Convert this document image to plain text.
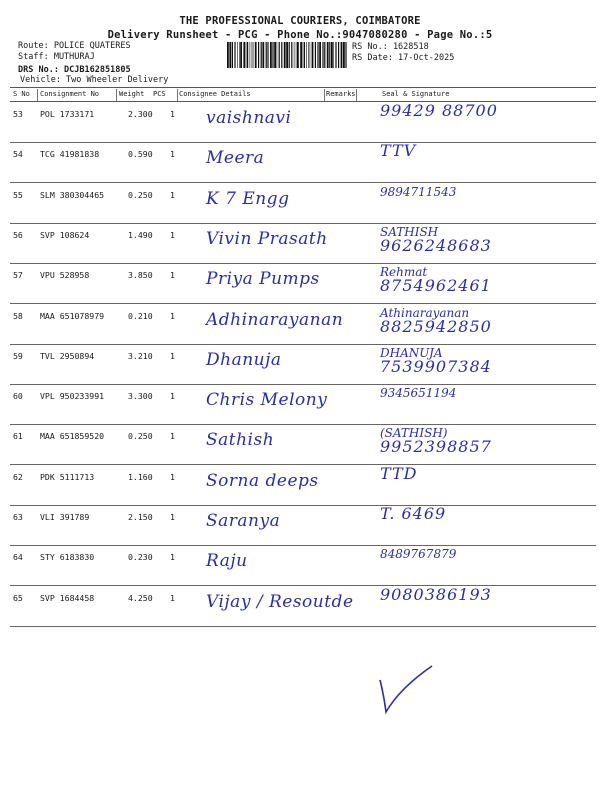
THE PROFESSIONAL COURIERS, COIMBATORE
Delivery Runsheet - PCG - Phone No.:9047080280 - Page No.:5
Route: POLICE QUATERES
Staff: MUTHURAJ
DRS No.: DCJB162851805
Vehicle: Two Wheeler Delivery
RS No.: 1628518
RS Date: 17-Oct-2025
S No Consignment No	Weight PCS Consignee Details	Remarks	Seal & Signature
53 POL 1733171	2.300 1 vaishnavi	99429 88700
54 TCG 41981838	0.590 1 Meera	TTV
55 SLM 380304465	0.250 1 K 7 Engg	9894711543
56 SVP 108624	1.490 1 Vivin Prasath	SATHISH
9626248683
57 VPU 528958	3.850 1 Priya Pumps	Rehmat
8754962461
58 MAA 651078979	0.210 1 Adhinarayanan	Athinarayanan
8825942850
59 TVL 2950894	3.210 1 Dhanuja	DHANUJA
7539907384
60 VPL 950233991	3.300 1 Chris Melony	9345651194
61 MAA 651859520	0.250 1 Sathish	(SATHISH)
9952398857
62 PDK 5111713	1.160 1 Sorna deeps	TTD
63 VLI 391789	2.150 1 Saranya	T. 6469
64 STY 6183830	0.230 1 Raju	8489767879
65 SVP 1684458	4.250 1 Vijay / Resoutde 9080386193
